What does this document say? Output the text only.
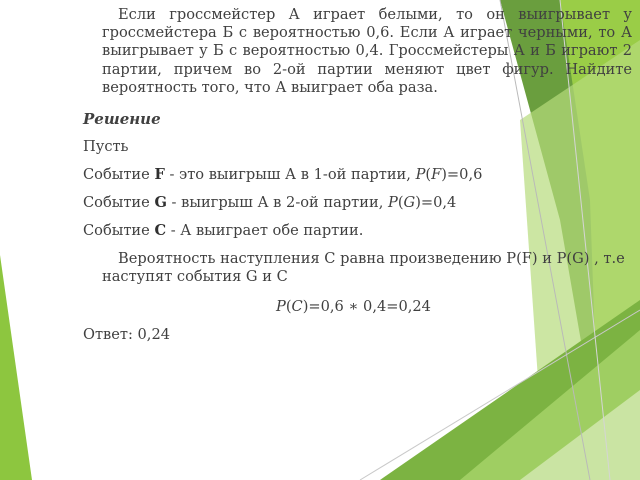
Если гроссмейстер А играет белыми, то он выигрывает у гроссмейстера Б с вероятностью 0,6. Если А играет черными, то А выигрывает у Б с вероятностью 0,4. Гроссмейстеры А и Б играют 2 партии, причем во 2-ой партии меняют цвет фигур. Найдите вероятность того, что А выиграет оба раза.

Решение

Пусть

Событие F - это выигрыш А в 1-ой партии, P(F)=0,6

Событие G - выигрыш А в 2-ой партии, P(G)=0,4

Событие C - А выиграет обе партии.

Вероятность наступления С равна произведению P(F) и P(G) , т.е наступят события G и C

P(C)=0,6 ∗ 0,4=0,24

Ответ: 0,24
